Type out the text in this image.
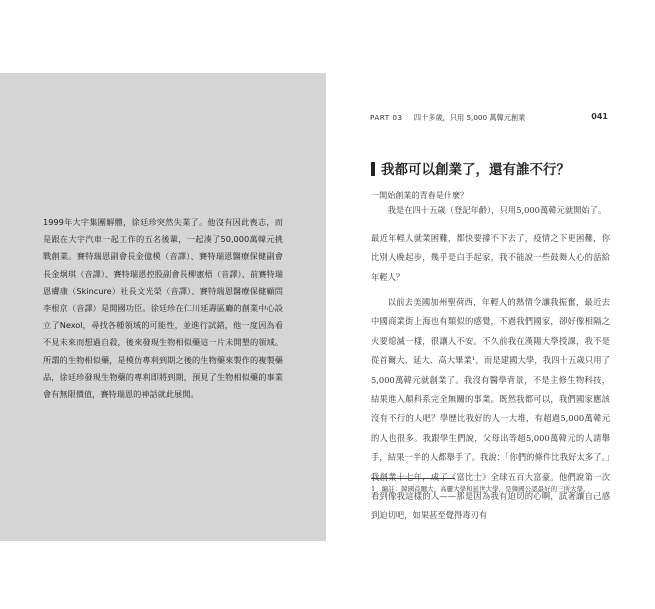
1999年大宇集團解體，徐廷珍突然失業了。他沒有因此喪志，而是跟在大宇汽車一起工作的五名後輩，一起湊了50,000萬韓元挑戰創業。賽特瑞恩副會長金億模（音譯）、賽特瑞恩醫療保健副會長金炯琪（音譯）、賽特瑞恩控股副會長柳憲梧（音譯）、前賽特瑞恩膚康（Skincure）社長文光榮（音譯）、賽特瑞恩醫療保健顧問李根京（音譯）是開國功臣。徐廷珍在仁川延壽區廳的創業中心設立了Nexol，尋找各種領域的可能性，並進行試錯，他一度因為看不見未來而想過自殺，後來發現生物相似藥這一片未開墾的領域。所謂的生物相似藥，是模仿專利到期之後的生物藥來製作的複製藥品，徐廷珍發現生物藥的專利即將到期，預見了生物相似藥的事業會有無限價值，賽特瑞恩的神話就此展開。

PART 03 四十多歲，只用 5,000 萬韓元創業	041
我都可以創業了，還有誰不行？

一開始創業的青春是什麼？

我是在四十五歲（登記年齡），只用5,000萬韓元就開始了。

最近年輕人就業困難，都快要撐不下去了，疫情之下更困難，你比別人晚起步，幾乎是白手起家，我不能說一些鼓舞人心的話給年輕人？

以前去美國加州聖荷西，年輕人的熱情令讓我振奮，最近去中國商業街上海也有類似的感覺，不過我們國家，卻好像相隔之火要熄滅一樣，很讓人不安。不久前我在漢陽大學授課，我不是從首爾大、延大、高大畢業¹，而是建國大學，我四十五歲只用了5,000萬韓元就創業了。我沒有醫學背景，不是主修生物科技，結果進入顛科系完全無關的事業。既然我都可以，我們國家應該沒有不行的人吧？學歷比我好的人一大堆，有超過5,000萬韓元的人也很多。我跟學生們說，父母出等超5,000萬韓元的人請舉手，結果一半的人都舉手了。我說：「你們的條件比我好太多了。」我創業十七年，成了《富比士》全球五百大富豪。他們說第一次看到像我這樣的人——那是因為我有迫切的心啊，試著讓自己感到迫切吧，如果甚至覺得毒刃有

1　編註：韓國首爾大、高麗大學和延世大學，是韓國公認最好的三所大學。
